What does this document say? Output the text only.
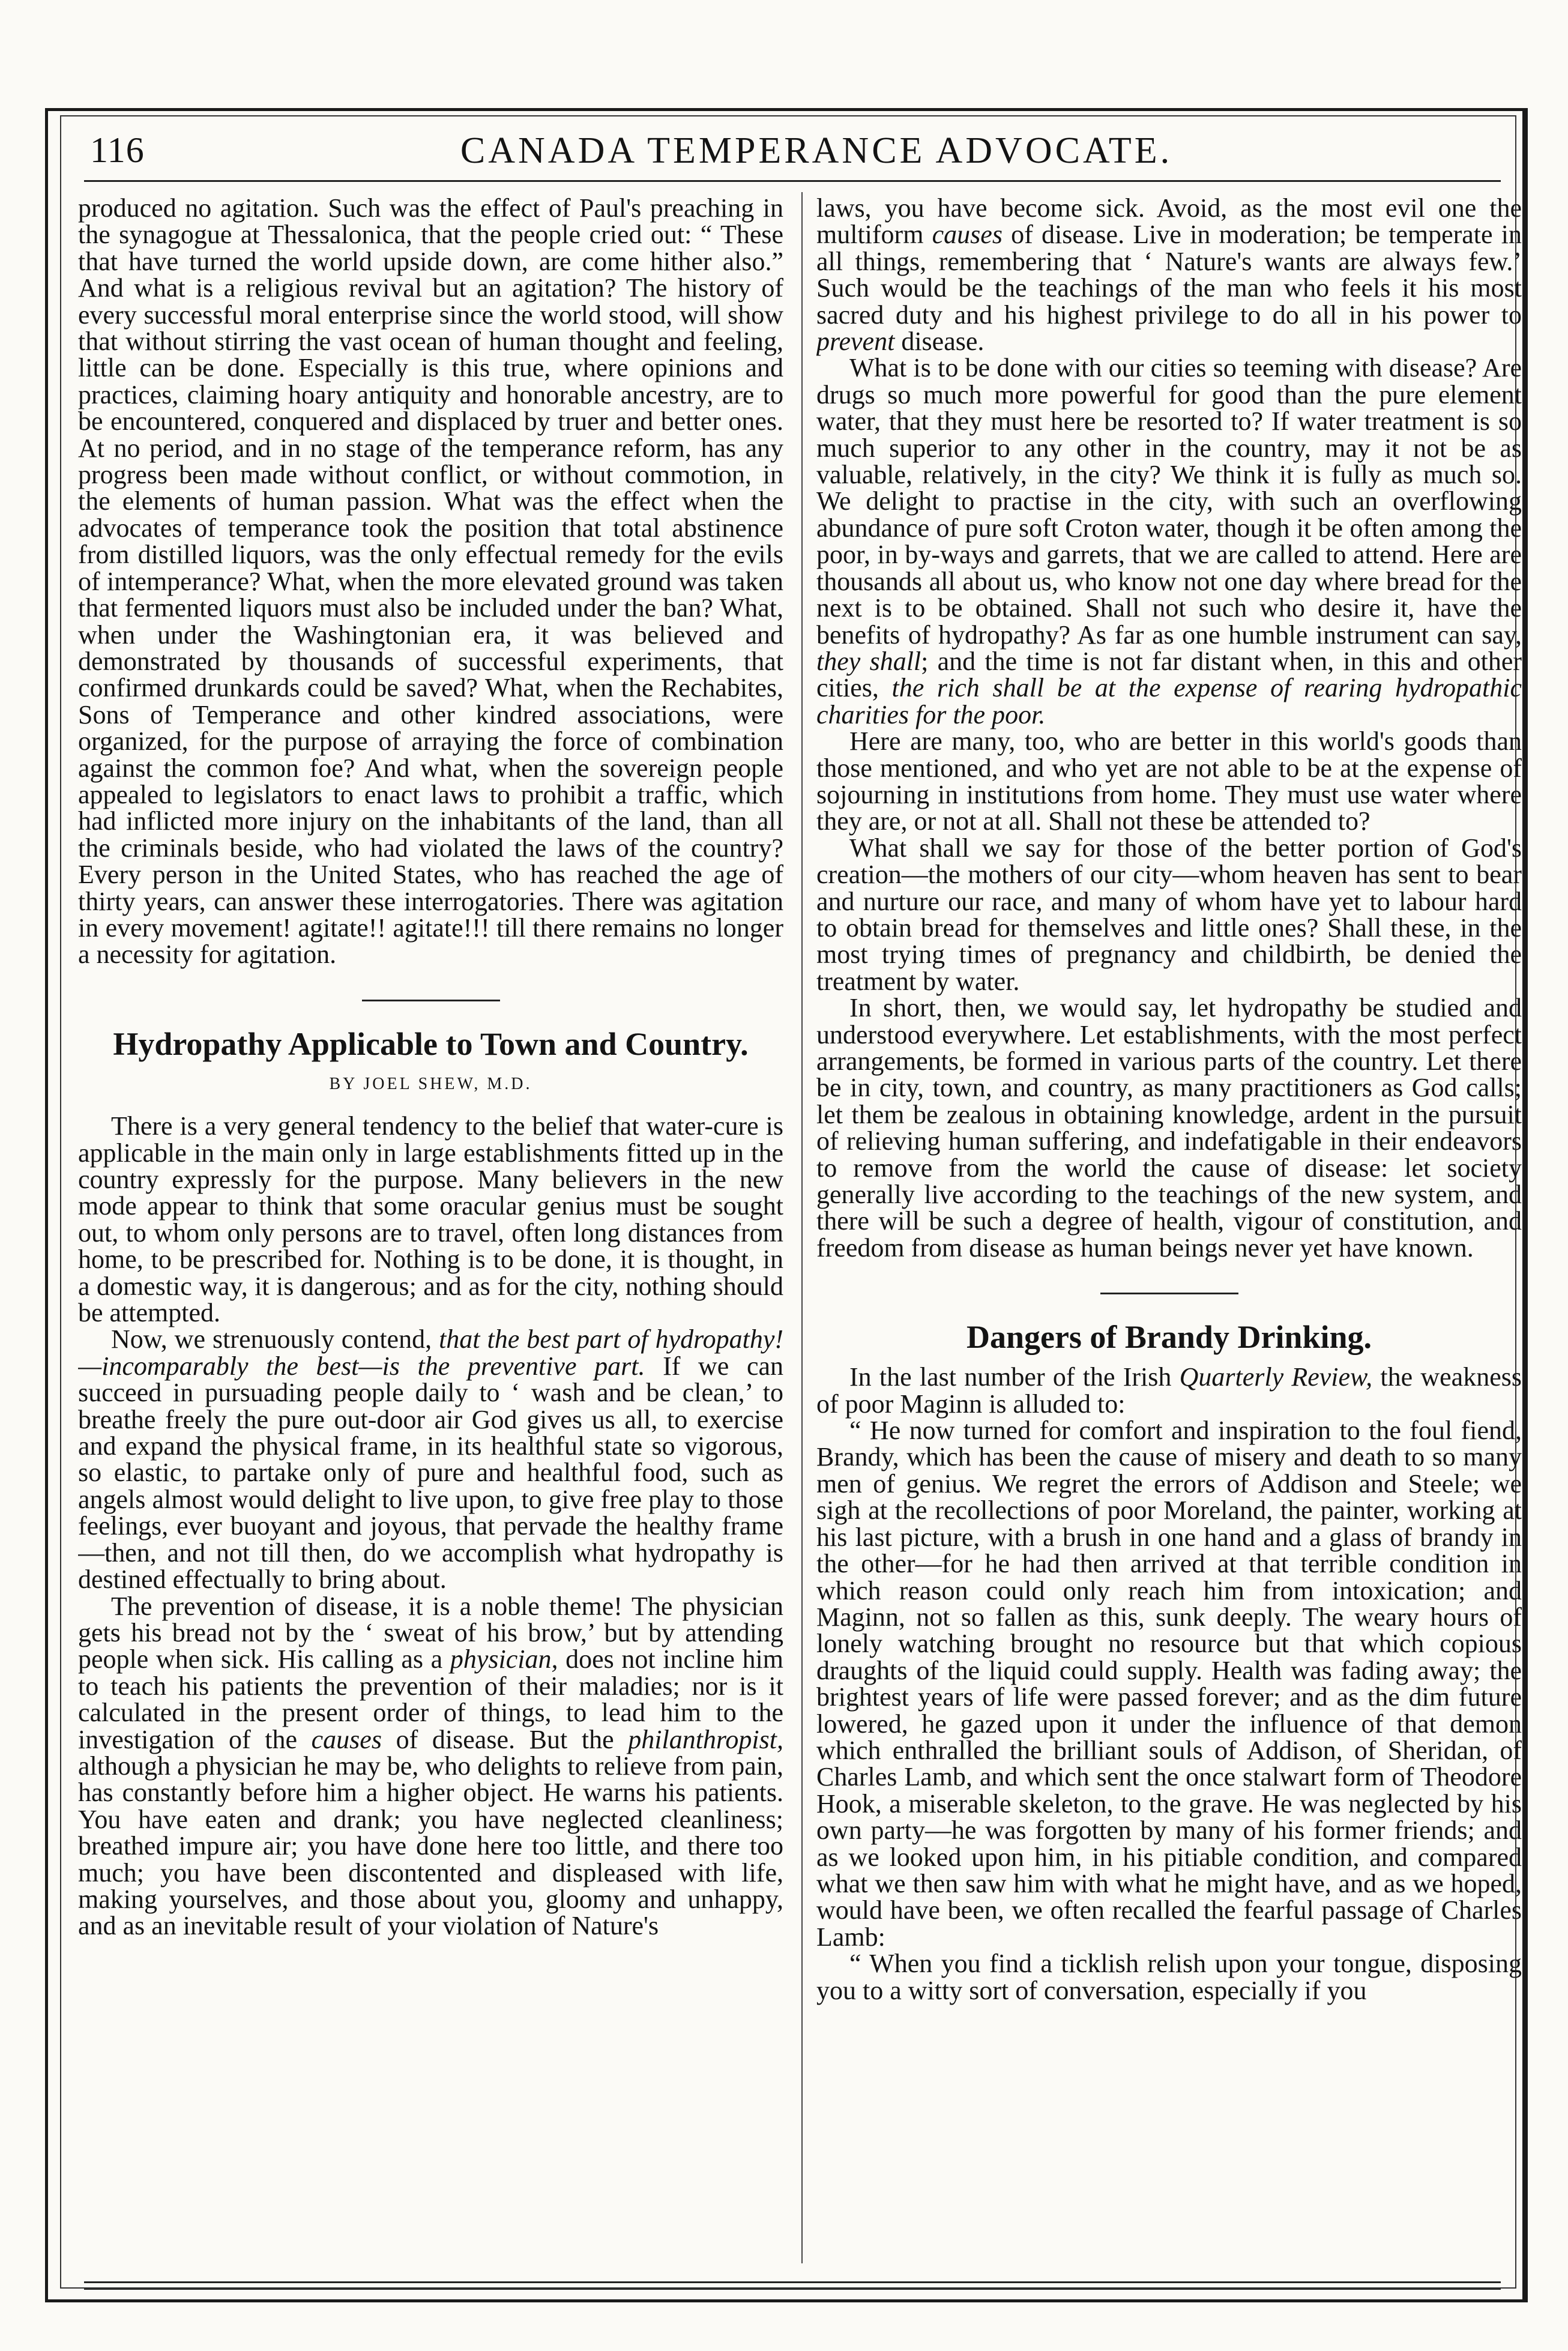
116	CANADA TEMPERANCE ADVOCATE.

produced no agitation. Such was the effect of Paul's preaching in the synagogue at Thessalonica, that the people cried out: “ These that have turned the world upside down, are come hither also.” And what is a religious revival but an agitation? The history of every successful moral enterprise since the world stood, will show that without stirring the vast ocean of human thought and feeling, little can be done. Especially is this true, where opinions and practices, claiming hoary antiquity and honorable ancestry, are to be encountered, conquered and displaced by truer and better ones. At no period, and in no stage of the temperance reform, has any progress been made without conflict, or without commotion, in the elements of human passion. What was the effect when the advocates of temperance took the position that total abstinence from distilled liquors, was the only effectual remedy for the evils of intemperance? What, when the more elevated ground was taken that fermented liquors must also be included under the ban? What, when under the Washingtonian era, it was believed and demonstrated by thousands of successful experiments, that confirmed drunkards could be saved? What, when the Rechabites, Sons of Temperance and other kindred associations, were organized, for the purpose of arraying the force of combination against the common foe? And what, when the sovereign people appealed to legislators to enact laws to prohibit a traffic, which had inflicted more injury on the inhabitants of the land, than all the criminals beside, who had violated the laws of the country? Every person in the United States, who has reached the age of thirty years, can answer these interrogatories. There was agitation in every movement! agitate!! agitate!!! till there remains no longer a necessity for agitation.

Hydropathy Applicable to Town and Country.
BY JOEL SHEW, M.D.

There is a very general tendency to the belief that water-cure is applicable in the main only in large establishments fitted up in the country expressly for the purpose. Many believers in the new mode appear to think that some oracular genius must be sought out, to whom only persons are to travel, often long distances from home, to be prescribed for. Nothing is to be done, it is thought, in a domestic way, it is dangerous; and as for the city, nothing should be attempted.

Now, we strenuously contend, that the best part of hydropathy!—incomparably the best—is the preventive part. If we can succeed in pursuading people daily to ‘ wash and be clean,’ to breathe freely the pure out-door air God gives us all, to exercise and expand the physical frame, in its healthful state so vigorous, so elastic, to partake only of pure and healthful food, such as angels almost would delight to live upon, to give free play to those feelings, ever buoyant and joyous, that pervade the healthy frame—then, and not till then, do we accomplish what hydropathy is destined effectually to bring about.

The prevention of disease, it is a noble theme! The physician gets his bread not by the ‘ sweat of his brow,’ but by attending people when sick. His calling as a physician, does not incline him to teach his patients the prevention of their maladies; nor is it calculated in the present order of things, to lead him to the investigation of the causes of disease. But the philanthropist, although a physician he may be, who delights to relieve from pain, has constantly before him a higher object. He warns his patients. You have eaten and drank; you have neglected cleanliness; breathed impure air; you have done here too little, and there too much; you have been discontented and displeased with life, making yourselves, and those about you, gloomy and unhappy, and as an inevitable result of your violation of Nature's

laws, you have become sick. Avoid, as the most evil one the multiform causes of disease. Live in moderation; be temperate in all things, remembering that ‘ Nature's wants are always few.’ Such would be the teachings of the man who feels it his most sacred duty and his highest privilege to do all in his power to prevent disease.

What is to be done with our cities so teeming with disease? Are drugs so much more powerful for good than the pure element water, that they must here be resorted to? If water treatment is so much superior to any other in the country, may it not be as valuable, relatively, in the city? We think it is fully as much so. We delight to practise in the city, with such an overflowing abundance of pure soft Croton water, though it be often among the poor, in by-ways and garrets, that we are called to attend. Here are thousands all about us, who know not one day where bread for the next is to be obtained. Shall not such who desire it, have the benefits of hydropathy? As far as one humble instrument can say, they shall; and the time is not far distant when, in this and other cities, the rich shall be at the expense of rearing hydropathic charities for the poor.

Here are many, too, who are better in this world's goods than those mentioned, and who yet are not able to be at the expense of sojourning in institutions from home. They must use water where they are, or not at all. Shall not these be attended to?

What shall we say for those of the better portion of God's creation—the mothers of our city—whom heaven has sent to bear and nurture our race, and many of whom have yet to labour hard to obtain bread for themselves and little ones? Shall these, in the most trying times of pregnancy and childbirth, be denied the treatment by water.

In short, then, we would say, let hydropathy be studied and understood everywhere. Let establishments, with the most perfect arrangements, be formed in various parts of the country. Let there be in city, town, and country, as many practitioners as God calls; let them be zealous in obtaining knowledge, ardent in the pursuit of relieving human suffering, and indefatigable in their endeavors to remove from the world the cause of disease: let society generally live according to the teachings of the new system, and there will be such a degree of health, vigour of constitution, and freedom from disease as human beings never yet have known.

Dangers of Brandy Drinking.

In the last number of the Irish Quarterly Review, the weakness of poor Maginn is alluded to:

“ He now turned for comfort and inspiration to the foul fiend, Brandy, which has been the cause of misery and death to so many men of genius. We regret the errors of Addison and Steele; we sigh at the recollections of poor Moreland, the painter, working at his last picture, with a brush in one hand and a glass of brandy in the other—for he had then arrived at that terrible condition in which reason could only reach him from intoxication; and Maginn, not so fallen as this, sunk deeply. The weary hours of lonely watching brought no resource but that which copious draughts of the liquid could supply. Health was fading away; the brightest years of life were passed forever; and as the dim future lowered, he gazed upon it under the influence of that demon which enthralled the brilliant souls of Addison, of Sheridan, of Charles Lamb, and which sent the once stalwart form of Theodore Hook, a miserable skeleton, to the grave. He was neglected by his own party—he was forgotten by many of his former friends; and as we looked upon him, in his pitiable condition, and compared what we then saw him with what he might have, and as we hoped, would have been, we often recalled the fearful passage of Charles Lamb:

“ When you find a ticklish relish upon your tongue, disposing you to a witty sort of conversation, especially if you
